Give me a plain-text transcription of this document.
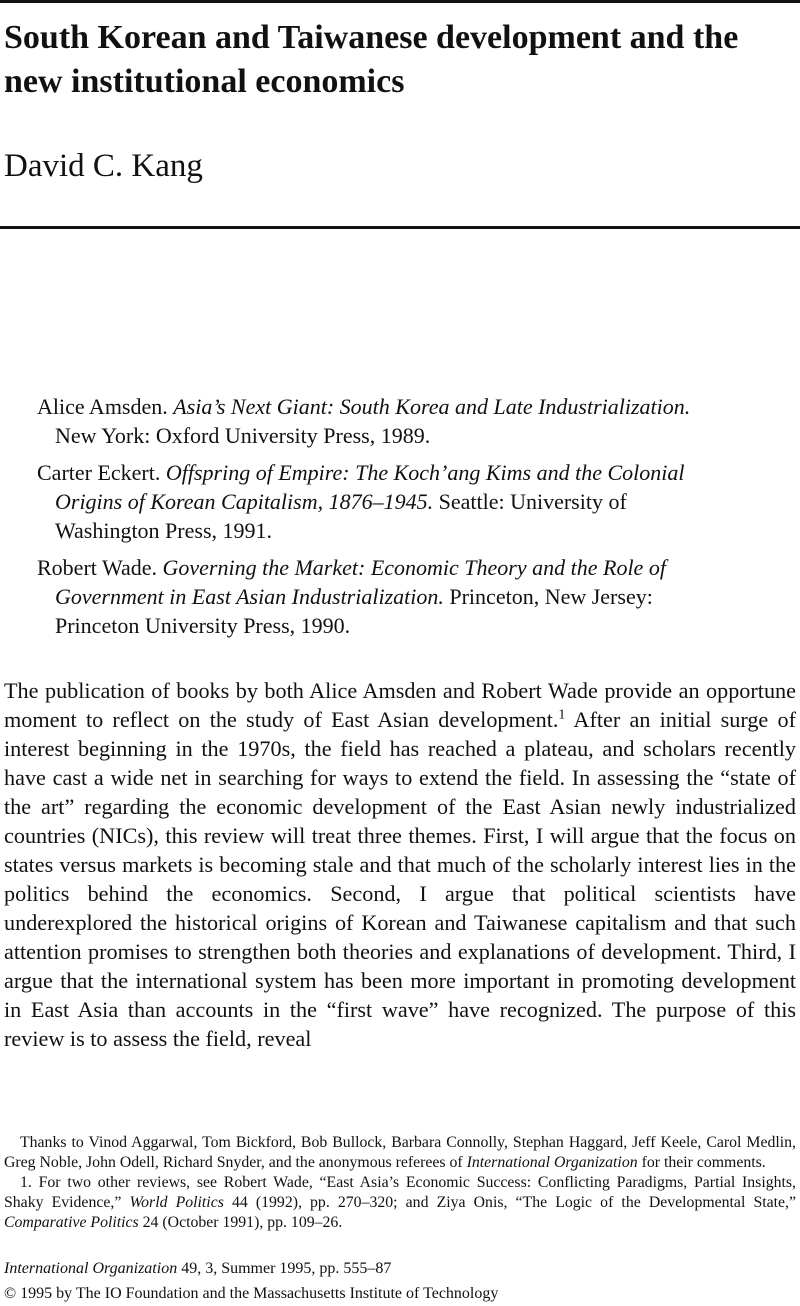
South Korean and Taiwanese development and the new institutional economics

David C. Kang

Alice Amsden. Asia’s Next Giant: South Korea and Late Industrialization. New York: Oxford University Press, 1989.

Carter Eckert. Offspring of Empire: The Koch’ang Kims and the Colonial Origins of Korean Capitalism, 1876–1945. Seattle: University of Washington Press, 1991.

Robert Wade. Governing the Market: Economic Theory and the Role of Government in East Asian Industrialization. Princeton, New Jersey: Princeton University Press, 1990.

The publication of books by both Alice Amsden and Robert Wade provide an opportune moment to reflect on the study of East Asian development.$^1$ After an initial surge of interest beginning in the 1970s, the field has reached a plateau, and scholars recently have cast a wide net in searching for ways to extend the field. In assessing the “state of the art” regarding the economic development of the East Asian newly industrialized countries (NICs), this review will treat three themes. First, I will argue that the focus on states versus markets is becoming stale and that much of the scholarly interest lies in the politics behind the economics. Second, I argue that political scientists have underexplored the historical origins of Korean and Taiwanese capitalism and that such attention promises to strengthen both theories and explanations of development. Third, I argue that the international system has been more important in promoting development in East Asia than accounts in the “first wave” have recognized. The purpose of this review is to assess the field, reveal

Thanks to Vinod Aggarwal, Tom Bickford, Bob Bullock, Barbara Connolly, Stephan Haggard, Jeff Keele, Carol Medlin, Greg Noble, John Odell, Richard Snyder, and the anonymous referees of International Organization for their comments.

1. For two other reviews, see Robert Wade, “East Asia’s Economic Success: Conflicting Paradigms, Partial Insights, Shaky Evidence,” World Politics 44 (1992), pp. 270–320; and Ziya Onis, “The Logic of the Developmental State,” Comparative Politics 24 (October 1991), pp. 109–26.

International Organization 49, 3, Summer 1995, pp. 555–87

© 1995 by The IO Foundation and the Massachusetts Institute of Technology
